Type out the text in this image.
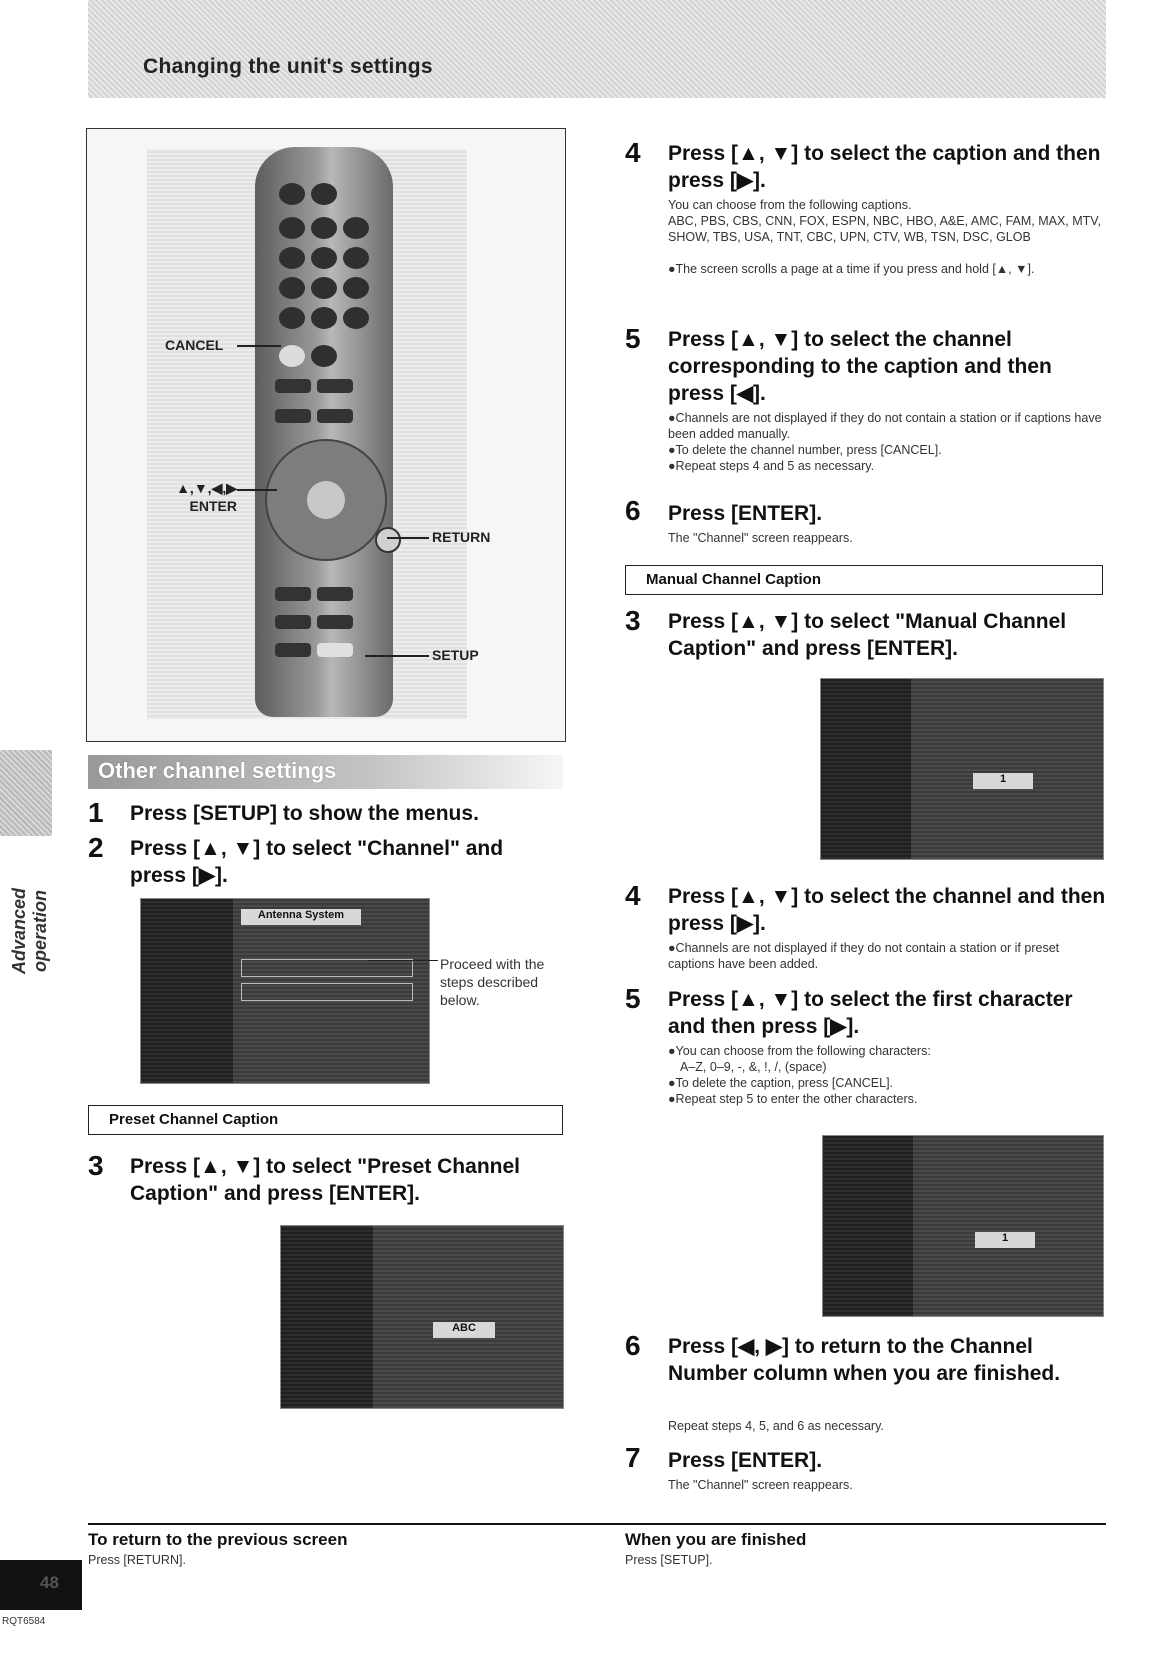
Changing the unit's settings
CANCEL
▲,▼,◀,▶
ENTER
RETURN
SETUP
Advanced operation
Other channel settings
1 Press [SETUP] to show the menus.
2 Press [▲, ▼] to select "Channel" and press [▶].
Antenna System
Proceed with the steps described below.
Preset Channel Caption
3 Press [▲, ▼] to select "Preset Channel Caption" and press [ENTER].
ABC
4 Press [▲, ▼] to select the caption and then press [▶].
You can choose from the following captions.
ABC, PBS, CBS, CNN, FOX, ESPN, NBC, HBO, A&E, AMC, FAM, MAX, MTV, SHOW, TBS, USA, TNT, CBC, UPN, CTV, WB, TSN, DSC, GLOB
●The screen scrolls a page at a time if you press and hold [▲, ▼].
5 Press [▲, ▼] to select the channel corresponding to the caption and then press [◀].
●Channels are not displayed if they do not contain a station or if captions have been added manually.
●To delete the channel number, press [CANCEL].
●Repeat steps 4 and 5 as necessary.
6 Press [ENTER].
The "Channel" screen reappears.
Manual Channel Caption
3 Press [▲, ▼] to select "Manual Channel Caption" and press [ENTER].
1
4 Press [▲, ▼] to select the channel and then press [▶].
●Channels are not displayed if they do not contain a station or if preset captions have been added.
5 Press [▲, ▼] to select the first character and then press [▶].
●You can choose from the following characters:
A–Z, 0–9, -, &, !, /, (space)
●To delete the caption, press [CANCEL].
●Repeat step 5 to enter the other characters.
1
6 Press [◀, ▶] to return to the Channel Number column when you are finished.
Repeat steps 4, 5, and 6 as necessary.
7 Press [ENTER].
The "Channel" screen reappears.
To return to the previous screen
Press [RETURN].
When you are finished
Press [SETUP].
48
RQT6584
